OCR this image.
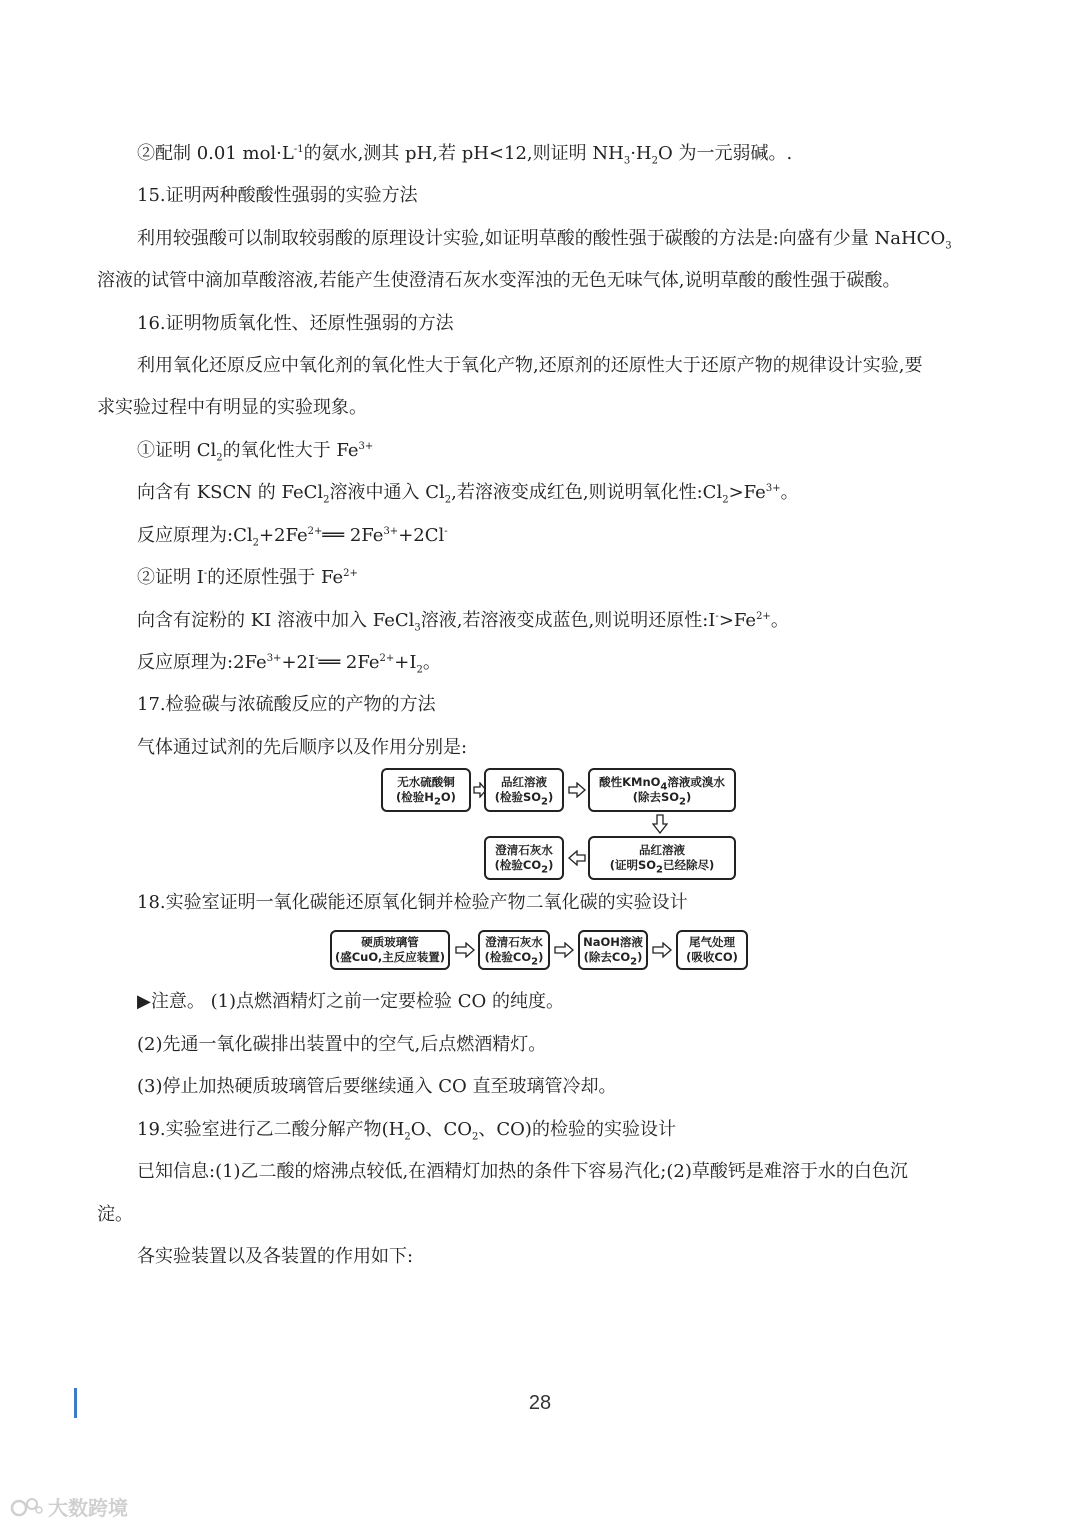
②配制 0.01 $mol\cdot L^{-1}$的氨水,测其 pH,若 pH<12,则证明 $NH_3\cdot H_2O$ 为一元弱碱。.
15.证明两种酸酸性强弱的实验方法
利用较强酸可以制取较弱酸的原理设计实验,如证明草酸的酸性强于碳酸的方法是:向盛有少量 NaHCO$_3$
溶液的试管中滴加草酸溶液,若能产生使澄清石灰水变浑浊的无色无味气体,说明草酸的酸性强于碳酸。
16.证明物质氧化性、还原性强弱的方法
利用氧化还原反应中氧化剂的氧化性大于氧化产物,还原剂的还原性大于还原产物的规律设计实验,要
求实验过程中有明显的实验现象。
①证明 $Cl_2$的氧化性大于 $Fe^{3+}$
向含有 KSCN 的 FeCl$_2$溶液中通入 $Cl_2$,若溶液变成红色,则说明氧化性$:Cl_2>Fe^{3+}$。
反应原理为$:Cl_2+2Fe^{2+}══$ $2Fe^{3+}+2Cl^-$
②证明 I-的还原性强于 $Fe^{2+}$
向含有淀粉的 KI 溶液中加入 FeCl$_3$溶液,若溶液变成蓝色,则说明还原性$:I^->Fe^{2+}$。
反应原理为$:2Fe^{3+}+2I^-══$ $2Fe^{2+}+I_2$。
17.检验碳与浓硫酸反应的产物的方法
气体通过试剂的先后顺序以及作用分别是:
无水硫酸铜
(检验$H_2O$)
品红溶液
(检验$SO_2$)
酸性KMnO$_4$溶液或溴水
(除去$SO_2$)
品红溶液
(证明$SO_2$已经除尽)
澄清石灰水
(检验$CO_2$)
18.实验室证明一氧化碳能还原氧化铜并检验产物二氧化碳的实验设计
硬质玻璃管
(盛CuO,主反应装置)
澄清石灰水
(检验$CO_2$)
NaOH溶液
(除去$CO_2$)
尾气处理
(吸收CO)
▶注意。 (1)点燃酒精灯之前一定要检验 CO 的纯度。
(2)先通一氧化碳排出装置中的空气,后点燃酒精灯。
(3)停止加热硬质玻璃管后要继续通入 CO 直至玻璃管冷却。
19.实验室进行乙二酸分解产物($H_2O$、$CO_2$、CO)的检验的实验设计
已知信息:(1)乙二酸的熔沸点较低,在酒精灯加热的条件下容易汽化;(2)草酸钙是难溶于水的白色沉
淀。
各实验装置以及各装置的作用如下:
28
大数跨境
